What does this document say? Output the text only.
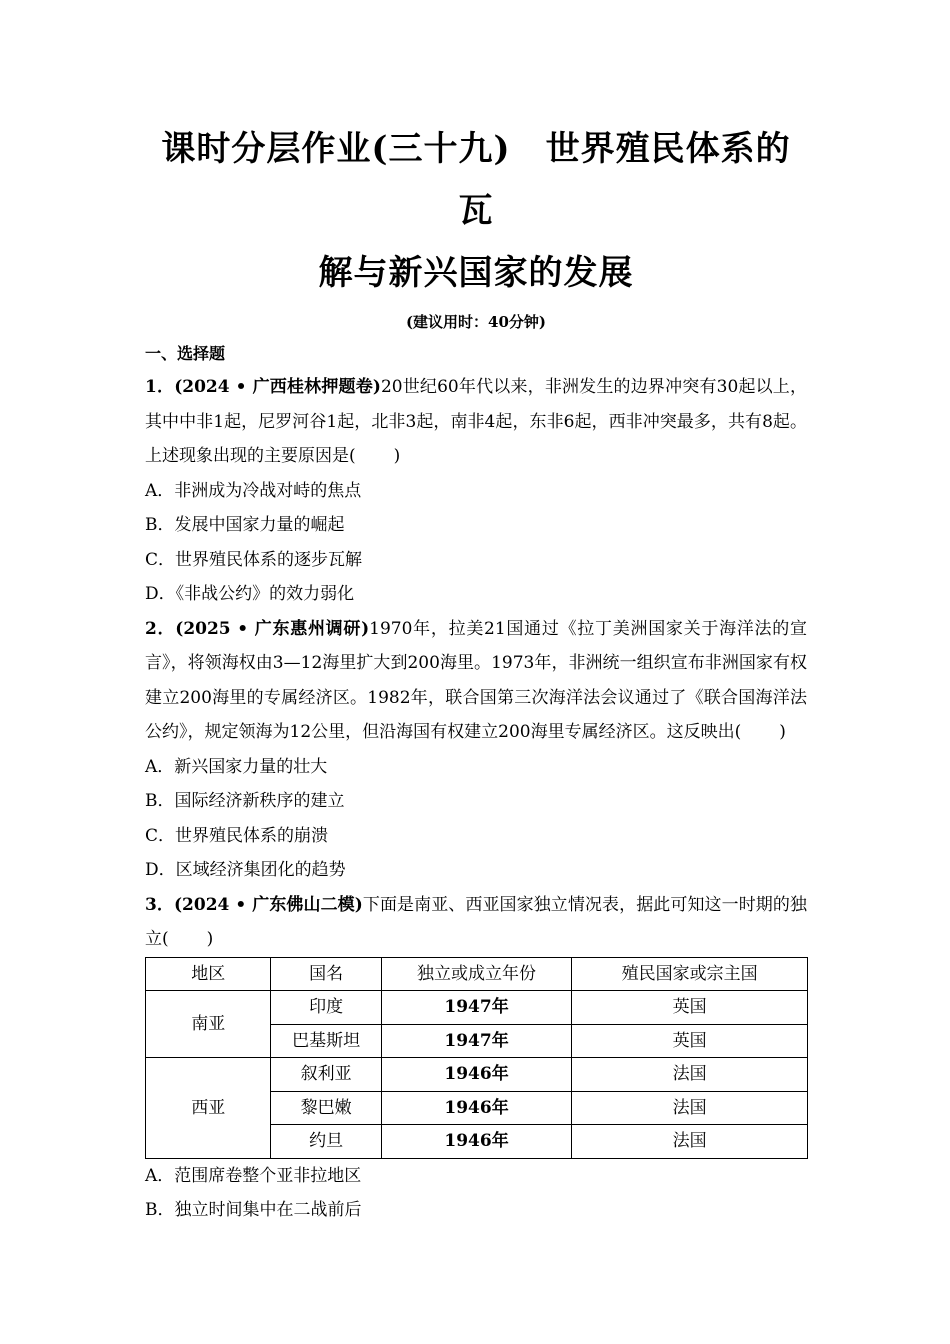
课时分层作业(三十九)　世界殖民体系的瓦
解与新兴国家的发展

(建议用时：40分钟)

一、选择题

1．(2024 • 广西桂林押题卷)20世纪60年代以来，非洲发生的边界冲突有30起以上，其中中非1起，尼罗河谷1起，北非3起，南非4起，东非6起，西非冲突最多，共有8起。上述现象出现的主要原因是( )

A．非洲成为冷战对峙的焦点

B．发展中国家力量的崛起

C．世界殖民体系的逐步瓦解

D．《非战公约》的效力弱化

2．(2025 • 广东惠州调研)1970年，拉美21国通过《拉丁美洲国家关于海洋法的宣言》，将领海权由3—12海里扩大到200海里。1973年，非洲统一组织宣布非洲国家有权建立200海里的专属经济区。1982年，联合国第三次海洋法会议通过了《联合国海洋法公约》，规定领海为12公里，但沿海国有权建立200海里专属经济区。这反映出( )

A．新兴国家力量的壮大

B．国际经济新秩序的建立

C．世界殖民体系的崩溃

D．区域经济集团化的趋势

3．(2024 • 广东佛山二模)下面是南亚、西亚国家独立情况表，据此可知这一时期的独立( )

地区	国名	独立或成立年份	殖民国家或宗主国
南亚	印度	1947年	英国
	巴基斯坦	1947年	英国
西亚	叙利亚	1946年	法国
	黎巴嫩	1946年	法国
	约旦	1946年	法国

A．范围席卷整个亚非拉地区

B．独立时间集中在二战前后
